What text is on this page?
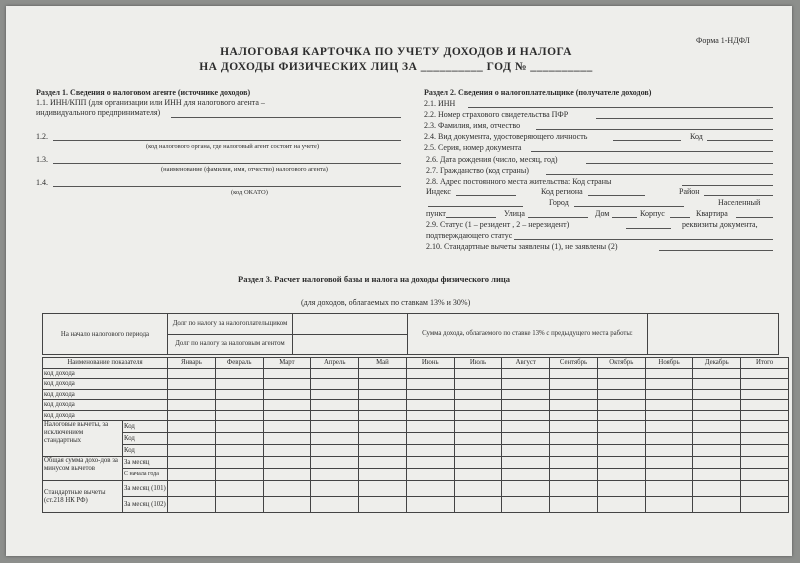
Форма 1-НДФЛ
НАЛОГОВАЯ КАРТОЧКА ПО УЧЕТУ ДОХОДОВ И НАЛОГА
НА ДОХОДЫ ФИЗИЧЕСКИХ ЛИЦ ЗА __________ ГОД № __________
Раздел 1. Сведения о налоговом агенте (источнике доходов)
1.1. ИНН/КПП (для организации или ИНН для налогового агента –
индивидуального предпринимателя)
1.2.
(код налогового органа, где налоговый агент состоит на учете)
1.3.
(наименование (фамилия, имя, отчество) налогового агента)
1.4.
(код ОКАТО)
Раздел 2. Сведения о налогоплательщике (получателе доходов)
2.1. ИНН
2.2. Номер страхового свидетельства ПФР
2.3. Фамилия, имя, отчество
2.4. Вид документа, удостоверяющего личность	Код
2.5. Серия, номер документа
2.6. Дата рождения (число, месяц, год)
2.7. Гражданство (код страны)
2.8. Адрес постоянного места жительства: Код страны
Индекс	Код региона	Район
Город	Населенный
пункт	Улица	Дом	Корпус	Квартира
2.9. Статус (1 – резидент , 2 – нерезидент)	реквизиты документа,
подтверждающего статус
2.10. Стандартные вычеты заявлены (1), не заявлены (2)
Раздел 3. Расчет налоговой базы и налога на доходы физического лица
(для доходов, облагаемых по ставкам 13% и 30%)
На начало налогового периода	Долг по налогу за налогоплательщиком		Сумма дохода, облагаемого по ставке 13% с предыдущего места работы:	
	Долг по налогу за налоговым агентом			
Наименование показателя		Январь	Февраль	Март	Апрель	Май	Июнь	Июль	Август	Сентябрь	Октябрь	Ноябрь	Декабрь	Итого
код дохода														
код дохода														
код дохода														
код дохода														
код дохода														
Налоговые вычеты, за исключением стандартных	Код													
	Код													
	Код													
Общая сумма дохо-дов за минусом вычетов	За месяц													
	С начала года													
Стандартные вычеты (ст.218 НК РФ)	За месяц (101)													
	За месяц (102)													
